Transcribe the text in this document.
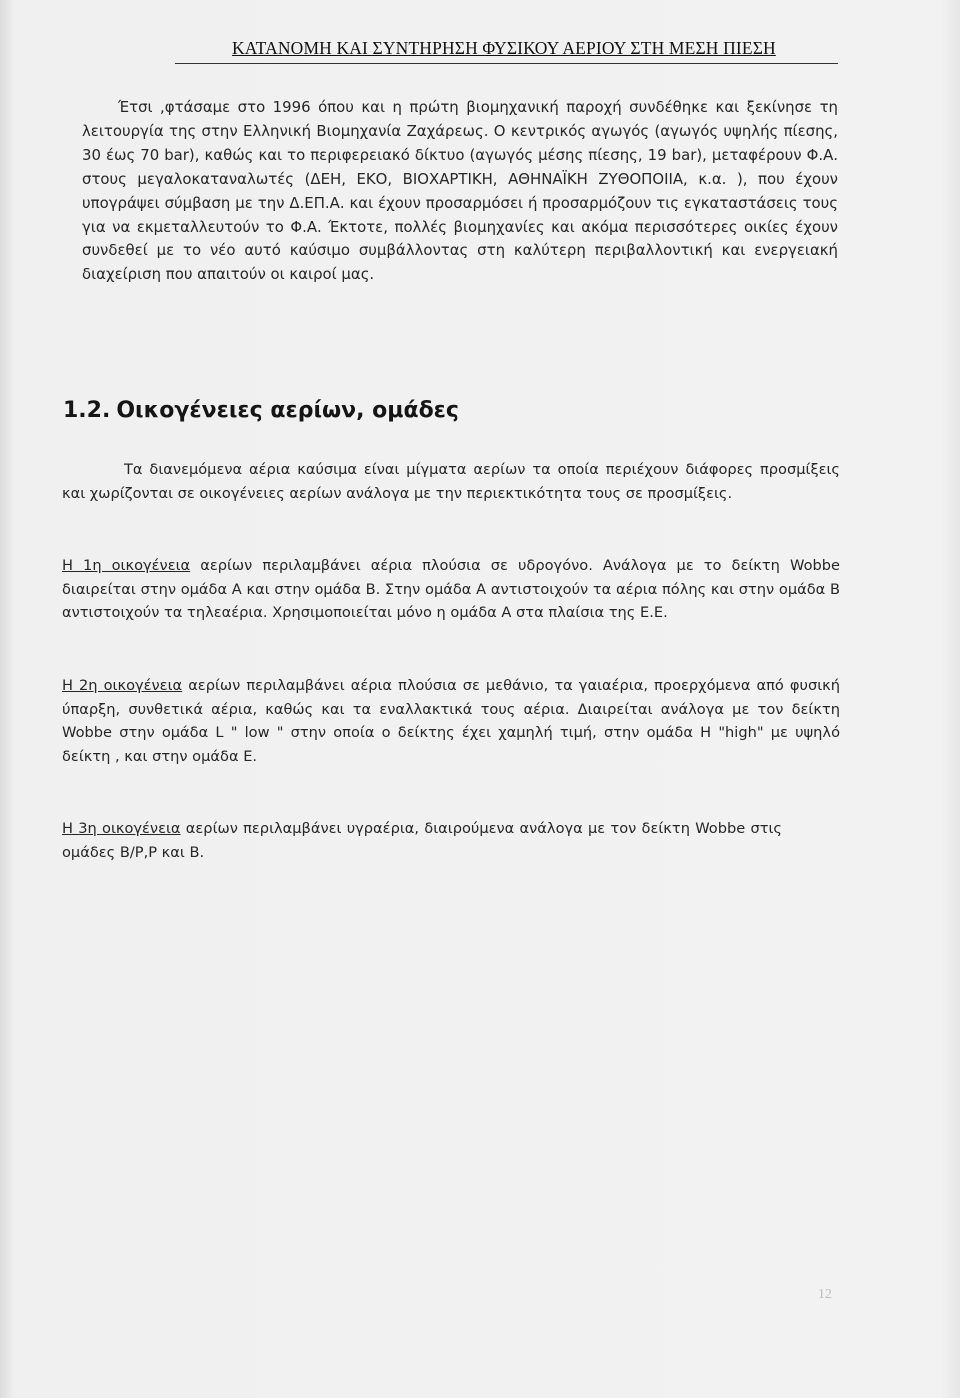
ΚΑΤΑΝΟΜΗ ΚΑΙ ΣΥΝΤΗΡΗΣΗ ΦΥΣΙΚΟΥ ΑΕΡΙΟΥ ΣΤΗ ΜΕΣΗ ΠΙΕΣΗ

Έτσι ,φτάσαμε στο 1996 όπου και η πρώτη βιομηχανική παροχή συνδέθηκε και ξεκίνησε τη λειτουργία της στην Ελληνική Βιομηχανία Ζαχάρεως. Ο κεντρικός αγωγός (αγωγός υψηλής πίεσης, 30 έως 70 bar), καθώς και το περιφερειακό δίκτυο (αγωγός μέσης πίεσης, 19 bar), μεταφέρουν Φ.Α. στους μεγαλοκαταναλωτές (ΔΕΗ, ΕΚΟ, ΒΙΟΧΑΡΤΙΚΗ, ΑΘΗΝΑΪΚΗ ΖΥΘΟΠΟΙΙΑ, κ.α. ), που έχουν υπογράψει σύμβαση με την Δ.ΕΠ.Α. και έχουν προσαρμόσει ή προσαρμόζουν τις εγκαταστάσεις τους για να εκμεταλλευτούν το Φ.Α. Έκτοτε, πολλές βιομηχανίες και ακόμα περισσότερες οικίες έχουν συνδεθεί με το νέο αυτό καύσιμο συμβάλλοντας στη καλύτερη περιβαλλοντική και ενεργειακή διαχείριση που απαιτούν οι καιροί μας.

1.2. Οικογένειες αερίων, ομάδες

Τα διανεμόμενα αέρια καύσιμα είναι μίγματα αερίων τα οποία περιέχουν διάφορες προσμίξεις και χωρίζονται σε οικογένειες αερίων ανάλογα με την περιεκτικότητα τους σε προσμίξεις.

Η 1η οικογένεια αερίων περιλαμβάνει αέρια πλούσια σε υδρογόνο. Ανάλογα με το δείκτη Wobbe διαιρείται στην ομάδα Α και στην ομάδα Β. Στην ομάδα Α αντιστοιχούν τα αέρια πόλης και στην ομάδα Β αντιστοιχούν τα τηλεαέρια. Χρησιμοποιείται μόνο η ομάδα Α στα πλαίσια της Ε.Ε.

Η 2η οικογένεια αερίων περιλαμβάνει αέρια πλούσια σε μεθάνιο, τα γαιαέρια, προερχόμενα από φυσική ύπαρξη, συνθετικά αέρια, καθώς και τα εναλλακτικά τους αέρια. Διαιρείται ανάλογα με τον δείκτη Wobbe στην ομάδα L " low " στην οποία ο δείκτης έχει χαμηλή τιμή, στην ομάδα Η "high" με υψηλό δείκτη , και στην ομάδα Ε.

Η 3η οικογένεια αερίων περιλαμβάνει υγραέρια, διαιρούμενα ανάλογα με τον δείκτη Wobbe στις ομάδες Β/Ρ,Ρ και Β.

12
